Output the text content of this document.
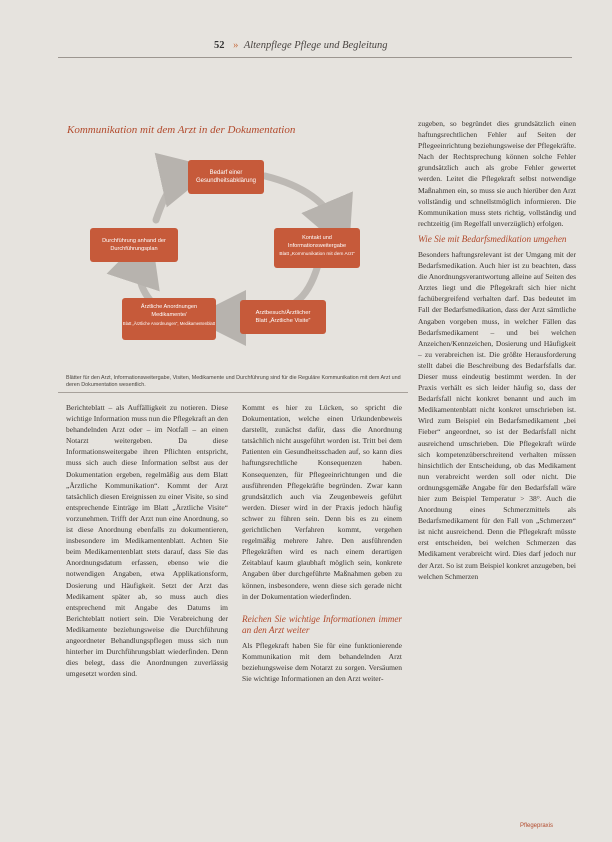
52 » Altenpflege Pflege und Begleitung
Kommunikation mit dem Arzt in der Dokumentation
Bedarf einer
Gesundheitsabklärung
Kontakt und
Informationsweitergabe
Blatt „Kommunikation mit dem Arzt“
Arztbesuch/Ärztlicher
Blatt „Ärztliche Visite“
Ärztliche Anordnungen
Medikamente/
Blatt „Ärztliche Anordnungen“, Medikamentenblatt
Durchführung anhand der
Durchführungsplan
Blätter für den Arzt, Informationsweitergabe, Visiten, Medikamente und Durchführung sind für die Reguläre Kommunikation mit dem Arzt und deren Dokumentation wesentlich.

Berichteblatt – als Auffälligkeit zu notieren. Diese wichtige Information muss nun die Pflegekraft an den behandelnden Arzt oder – im Notfall – an einen Notarzt weitergeben. Da diese Informationsweitergabe ihren Pflichten entspricht, muss sich auch diese Information selbst aus der Dokumentation ergeben, regelmäßig aus dem Blatt „Ärztliche Kommunikation“. Kommt der Arzt tatsächlich diesen Ereignissen zu einer Visite, so sind entsprechende Einträge im Blatt „Ärztliche Visite“ vorzunehmen. Trifft der Arzt nun eine Anordnung, so ist diese Anordnung ebenfalls zu dokumentieren, insbesondere im Medikamentenblatt. Achten Sie beim Medikamentenblatt stets darauf, dass Sie das Anordnungsdatum erfassen, ebenso wie die notwendigen Angaben, etwa Applikationsform, Dosierung und Häufigkeit. Setzt der Arzt das Medikament später ab, so muss auch dies entsprechend mit Angabe des Datums im Berichteblatt notiert sein. Die Verabreichung der Medikamente beziehungsweise die Durchführung angeordneter Behandlungspflegen muss sich nun hinterher im Durchführungsblatt wiederfinden. Denn dies belegt, dass die Anordnungen zuverlässig umgesetzt worden sind.

Kommt es hier zu Lücken, so spricht die Dokumentation, welche einen Urkundenbeweis darstellt, zunächst dafür, dass die Anordnung tatsächlich nicht ausgeführt worden ist. Tritt bei dem Patienten ein Gesundheitsschaden auf, so kann dies haftungsrechtliche Konsequenzen haben. Konsequenzen, für Pflegeeinrichtungen und die ausführenden Pflegekräfte begründen. Zwar kann grundsätzlich auch via Zeugenbeweis geführt werden. Dieser wird in der Praxis jedoch häufig schwer zu führen sein. Denn bis es zu einem gerichtlichen Verfahren kommt, vergehen regelmäßig mehrere Jahre. Den ausführenden Pflegekräften wird es nach einem derartigen Zeitablauf kaum glaubhaft möglich sein, konkrete Angaben über durchgeführte Maßnahmen geben zu können, insbesondere, wenn diese sich gerade nicht in der Dokumentation wiederfinden.

Reichen Sie wichtige Informationen immer an den Arzt weiter

Als Pflegekraft haben Sie für eine funktionierende Kommunikation mit dem behandelnden Arzt beziehungsweise dem Notarzt zu sorgen. Versäumen Sie wichtige Informationen an den Arzt weiter-

zugeben, so begründet dies grundsätzlich einen haftungsrechtlichen Fehler auf Seiten der Pflegeeinrichtung beziehungsweise der Pflegekräfte. Nach der Rechtsprechung können solche Fehler grundsätzlich auch als grobe Fehler gewertet werden. Leitet die Pflegekraft selbst notwendige Maßnahmen ein, so muss sie auch hierüber den Arzt vollständig und schnellstmöglich informieren. Die Kommunikation muss stets richtig, vollständig und rechtzeitig (im Regelfall unverzüglich) erfolgen.

Wie Sie mit Bedarfsmedikation umgehen

Besonders haftungsrelevant ist der Umgang mit der Bedarfsmedikation. Auch hier ist zu beachten, dass die Anordnungsverantwortung alleine auf Seiten des Arztes liegt und die Pflegekraft sich hier nicht fachübergreifend verhalten darf. Das bedeutet im Fall der Bedarfsmedikation, dass der Arzt sämtliche Angaben vorgeben muss, in welcher Fällen das Bedarfsmedikament – und bei welchen Anzeichen/Kennzeichen, Dosierung und Häufigkeit – zu verabreichen ist. Die größte Herausforderung stellt dabei die Beschreibung des Bedarfsfalls dar. Dieser muss eindeutig bestimmt werden. In der Praxis verhält es sich leider häufig so, dass der Bedarfsfall nicht konkret benannt und auch im Medikamentenblatt nicht konkret umschrieben ist. Wird zum Beispiel ein Bedarfsmedikament „bei Fieber“ angeordnet, so ist der Bedarfsfall nicht ausreichend umschrieben. Die Pflegekraft würde sich kompetenzüberschreitend verhalten müssen hinsichtlich der Entscheidung, ob das Medikament nun verabreicht werden soll oder nicht. Die ordnungsgemäße Angabe für den Bedarfsfall wäre hier zum Beispiel Temperatur > 38°. Auch die Anordnung eines Schmerzmittels als Bedarfsmedikament für den Fall von „Schmerzen“ ist nicht ausreichend. Denn die Pflegekraft müsste erst entscheiden, bei welchen Schmerzen das Medikament verabreicht wird. Dies darf jedoch nur der Arzt. So ist zum Beispiel konkret anzugeben, bei welchen Schmerzen

Pflegepraxis
